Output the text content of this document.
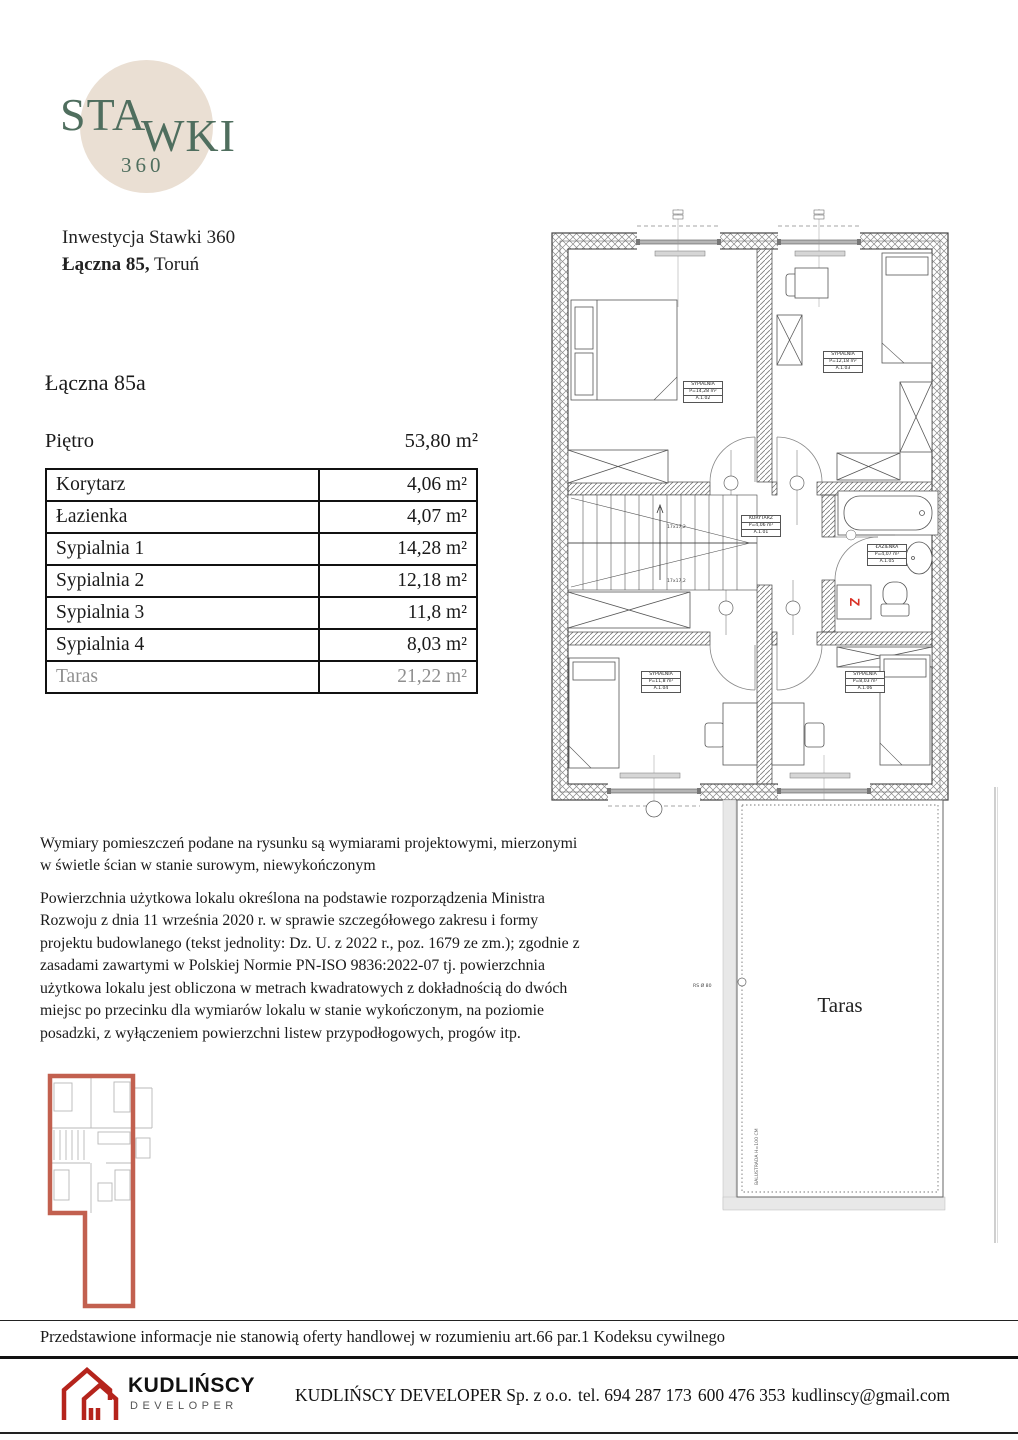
STA
WKI
360
Inwestycja Stawki 360
Łączna 85, Toruń
Łączna 85a
Piętro	53,80 m²
Korytarz	4,06 m²
Łazienka	4,07 m²
Sypialnia 1	14,28 m²
Sypialnia 2	12,18 m²
Sypialnia 3	11,8 m²
Sypialnia 4	8,03 m²
Taras	21,22 m²
Z
SYPIALNIA
P=14,28 m²
A.1.02
SYPIALNIA
P=12,18 m²
A.1.03
KORYTARZ
P=4,06 m²
A.1.01
ŁAZIENKA
P=4,07 m²
A.1.05
SYPIALNIA
P=11,8 m²
A.1.04
SYPIALNIA
P=8,03 m²
A.1.06
17x17,2
17x17,2
Taras
BALUSTRADA H=100 CM
RS Ø 80
Wymiary pomieszczeń podane na rysunku są wymiarami projektowymi, mierzonymi w świetle ścian w stanie surowym, niewykończonym
Powierzchnia użytkowa lokalu określona na podstawie rozporządzenia Ministra Rozwoju z dnia 11 września 2020 r. w sprawie szczegółowego zakresu i formy projektu budowlanego (tekst jednolity: Dz. U. z 2022 r., poz. 1679 ze zm.); zgodnie z zasadami zawartymi w Polskiej Normie PN-ISO 9836:2022-07 tj. powierzchnia użytkowa lokalu jest obliczona w metrach kwadratowych z dokładnością do dwóch miejsc po przecinku dla wymiarów lokalu w stanie wykończonym, na poziomie posadzki, z wyłączeniem powierzchni listew przypodłogowych, progów itp.
Przedstawione informacje nie stanowią oferty handlowej w rozumieniu art.66 par.1 Kodeksu cywilnego
KUDLIŃSCY
DEVELOPER
KUDLIŃSCY DEVELOPER Sp. z o.o. tel. 694 287 173 600 476 353 kudlinscy@gmail.com
